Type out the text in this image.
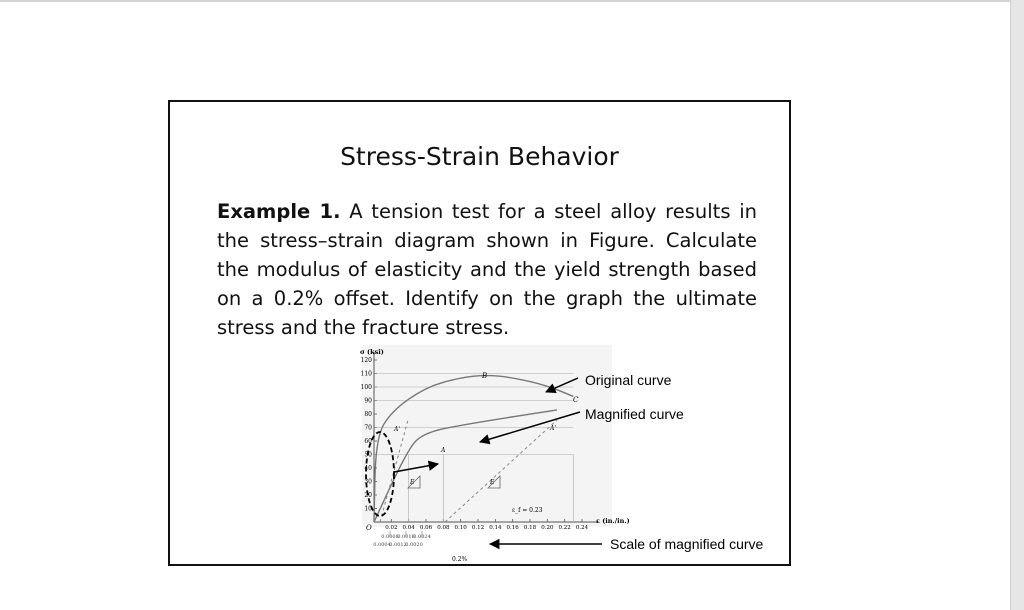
Stress-Strain Behavior
Example 1. A tension test for a steel alloy results in the stress–strain diagram shown in Figure. Calculate the modulus of elasticity and the yield strength based on a 0.2% offset. Identify on the graph the ultimate stress and the fracture stress.
120
110
100
90
80
70
60
50
40
30
20
10
0.02 0.04 0.06 0.08 0.10 0.12 0.14 0.16 0.18 0.20 0.22 0.24
0.0008
0.0016
0.0024
0.0004
0.0012
0.0020
B
C
A'	A'
A
E	E
O
ε_f = 0.23
σ (ksi)
ε (in./in.)
0.2%
Original curve
Magnified curve
Scale of magnified curve
